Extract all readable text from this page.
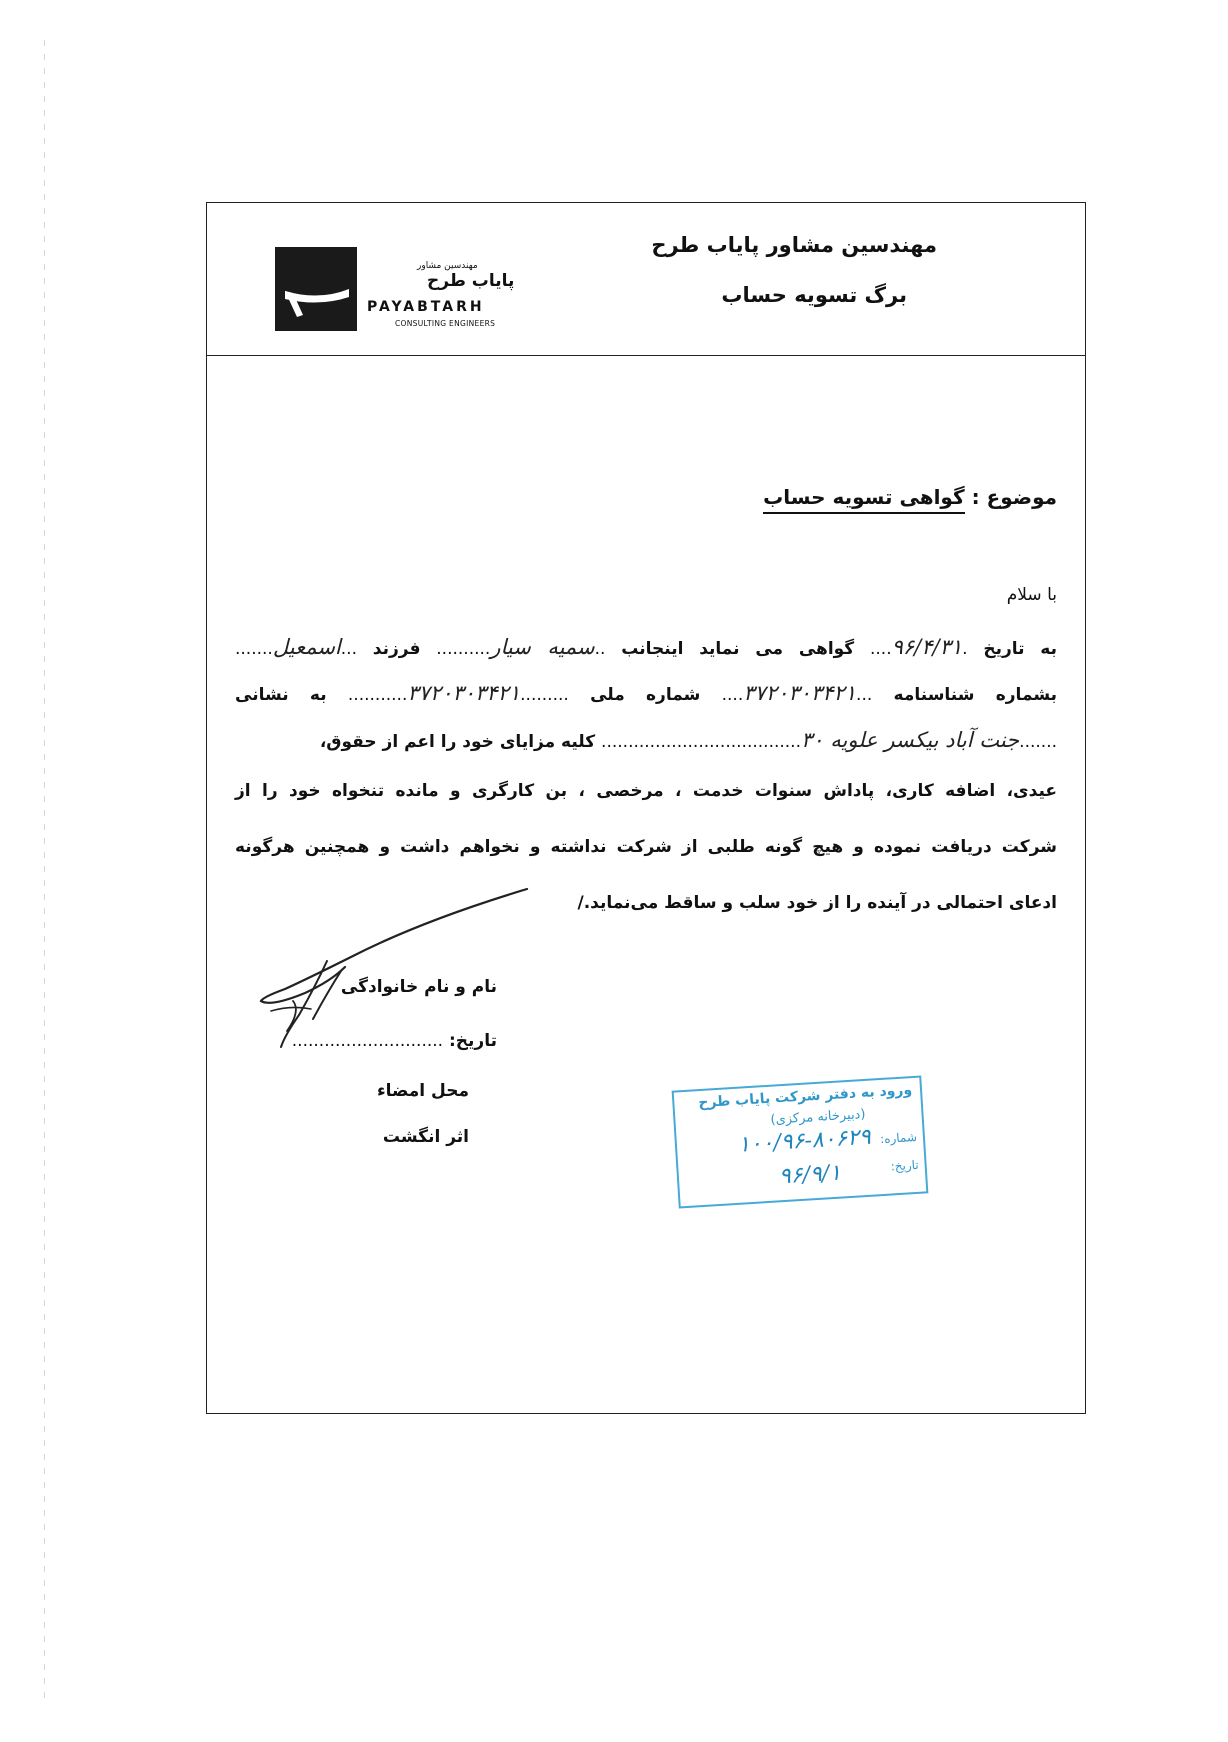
مهندسین مشاور پایاب طرح
برگ تسویه حساب
مهندسین مشاور
پایاب طرح
PAYABTARH
CONSULTING ENGINEERS
موضوع : گواهی تسویه حساب
با سلام
به تاریخ .۹۶/۴/۳۱.... گواهی می نماید اینجانب ..سمیه سیار.......... فرزند ...اسمعیل.......
بشماره شناسنامه ...۳۷۲۰۳۰۳۴۲۱.... شماره ملی .........۳۷۲۰۳۰۳۴۲۱........... به نشانی
.......جنت آباد بیکسر علویه ۳۰..................................... کلیه مزایای خود را اعم از حقوق،
عیدی، اضافه کاری، پاداش سنوات خدمت ، مرخصی ، بن کارگری و مانده تنخواه خود را از
شرکت دریافت نموده و هیچ گونه طلبی از شرکت نداشته و نخواهم داشت و همچنین هرگونه
ادعای احتمالی در آینده را از خود سلب و ساقط می‌نماید./
نام و نام خانوادگی
تاریخ: ............................
محل امضاء
اثر انگشت
ورود به دفتر شرکت پایاب طرح
(دبیرخانه مرکزی)
شماره:
۱۰۰/۹۶-۸۰۶۲۹
تاریخ:
۹۶/۹/۱
